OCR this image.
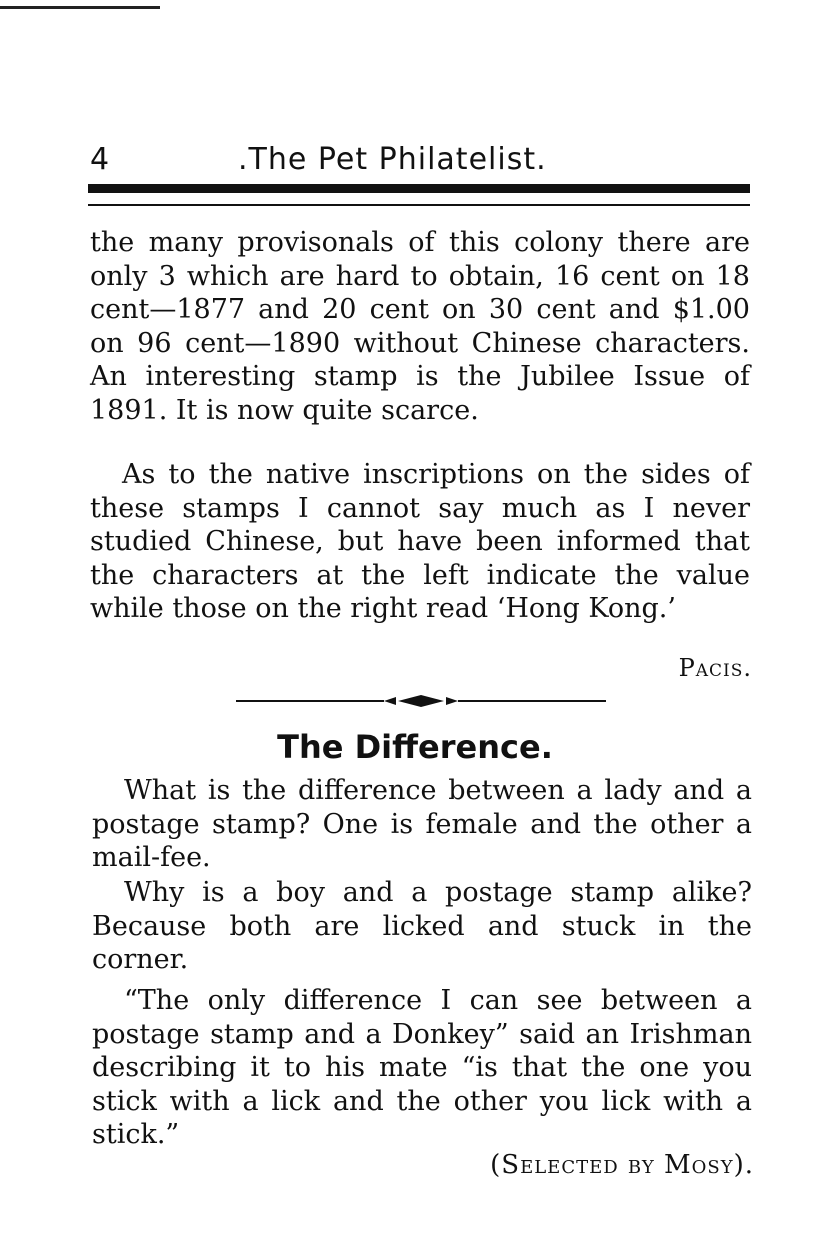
4	.The Pet Philatelist.

the many provisonals of this colony there are only 3 which are hard to obtain, 16 cent on 18 cent—1877 and 20 cent on 30 cent and $1.00 on 96 cent—1890 without Chinese characters. An interesting stamp is the Jubilee Issue of 1891. It is now quite scarce.

As to the native inscriptions on the sides of these stamps I cannot say much as I never studied Chinese, but have been informed that the characters at the left indicate the value while those on the right read ‘Hong Kong.’

Pacis.
The Difference.

What is the difference between a lady and a postage stamp? One is female and the other a mail-fee.

Why is a boy and a postage stamp alike? Because both are licked and stuck in the corner.

“The only difference I can see between a postage stamp and a Donkey” said an Irishman describing it to his mate “is that the one you stick with a lick and the other you lick with a stick.”

(Selected by Mosy).
